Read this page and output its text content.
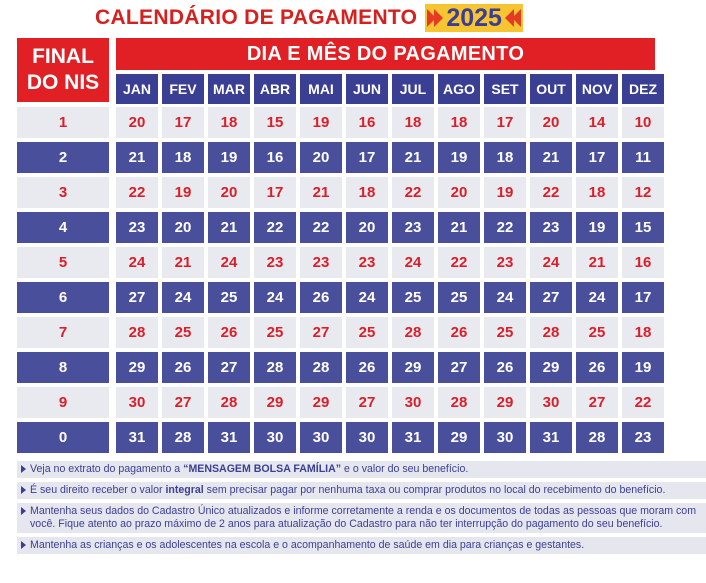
CALENDÁRIO DE PAGAMENTO 2025
FINAL
DO NIS
DIA E MÊS DO PAGAMENTO
JAN	FEV	MAR	ABR	MAI	JUN	JUL	AGO	SET	OUT	NOV	DEZ
1	20	17	18	15	19	16	18	18	17	20	14	10
2	21	18	19	16	20	17	21	19	18	21	17	11
3	22	19	20	17	21	18	22	20	19	22	18	12
4	23	20	21	22	22	20	23	21	22	23	19	15
5	24	21	24	23	23	23	24	22	23	24	21	16
6	27	24	25	24	26	24	25	25	24	27	24	17
7	28	25	26	25	27	25	28	26	25	28	25	18
8	29	26	27	28	28	26	29	27	26	29	26	19
9	30	27	28	29	29	27	30	28	29	30	27	22
0	31	28	31	30	30	30	31	29	30	31	28	23
Veja no extrato do pagamento a “MENSAGEM BOLSA FAMÍLIA” e o valor do seu benefício.
É seu direito receber o valor integral sem precisar pagar por nenhuma taxa ou comprar produtos no local do recebimento do benefício.
Mantenha seus dados do Cadastro Único atualizados e informe corretamente a renda e os documentos de todas as pessoas que moram com você. Fique atento ao prazo máximo de 2 anos para atualização do Cadastro para não ter interrupção do pagamento do seu benefício.
Mantenha as crianças e os adolescentes na escola e o acompanhamento de saúde em dia para crianças e gestantes.
